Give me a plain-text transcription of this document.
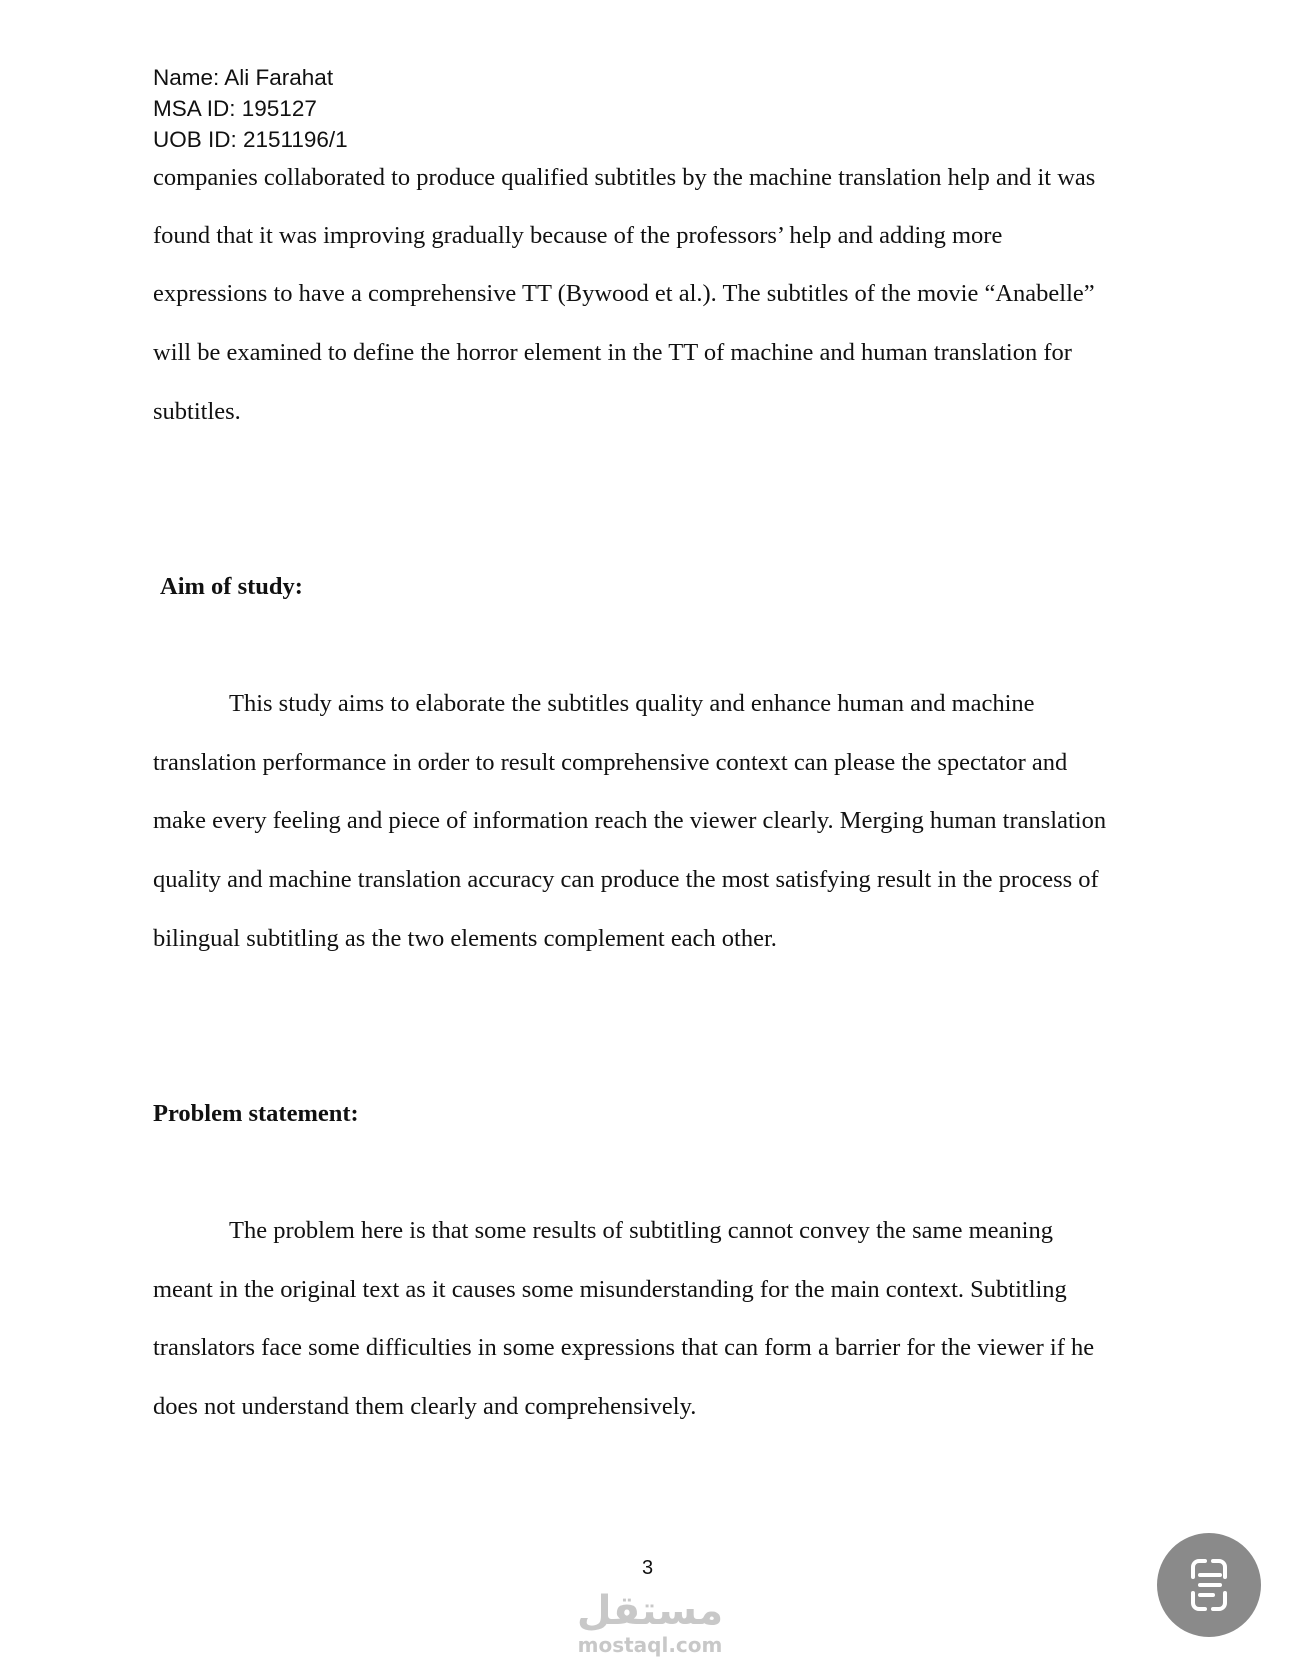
Name: Ali Farahat
MSA ID: 195127
UOB ID: 2151196/1
companies collaborated to produce qualified subtitles by the machine translation help and it was
found that it was improving gradually because of the professors’ help and adding more
expressions to have a comprehensive TT (Bywood et al.). The subtitles of the movie “Anabelle”
will be examined to define the horror element in the TT of machine and human translation for
subtitles.
Aim of study:
This study aims to elaborate the subtitles quality and enhance human and machine
translation performance in order to result comprehensive context can please the spectator and
make every feeling and piece of information reach the viewer clearly. Merging human translation
quality and machine translation accuracy can produce the most satisfying result in the process of
bilingual subtitling as the two elements complement each other.
Problem statement:
The problem here is that some results of subtitling cannot convey the same meaning
meant in the original text as it causes some misunderstanding for the main context. Subtitling
translators face some difficulties in some expressions that can form a barrier for the viewer if he
does not understand them clearly and comprehensively.
3
مستقل
mostaql.com
